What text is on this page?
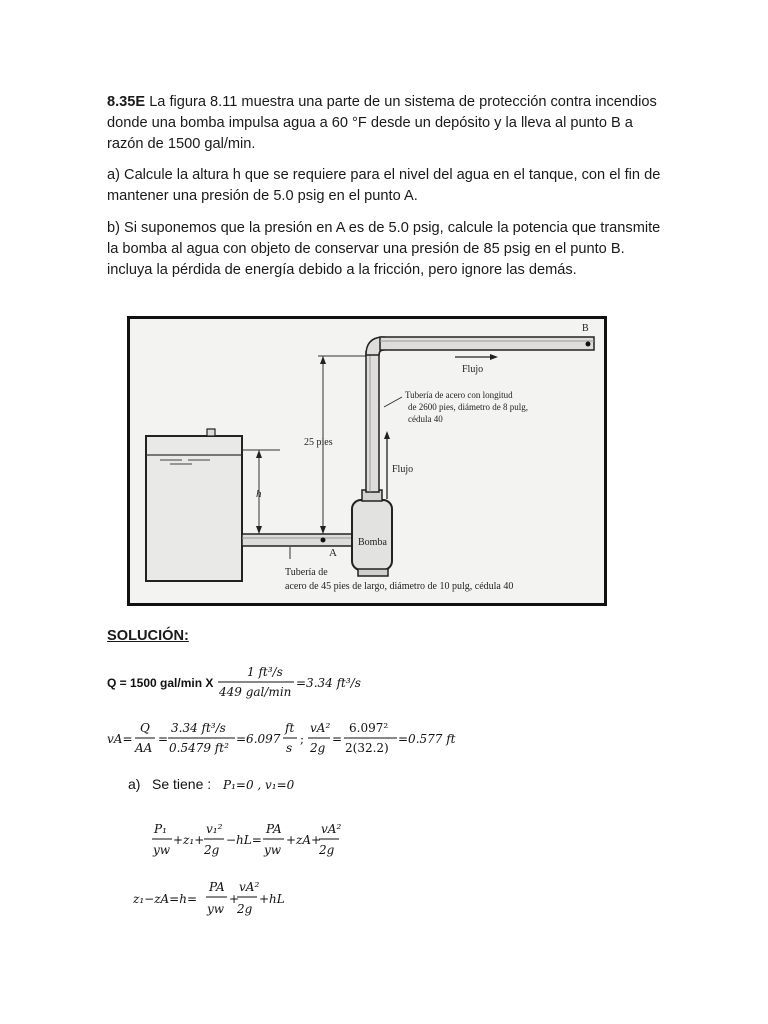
8.35E La figura 8.11 muestra una parte de un sistema de protección contra incendios donde una bomba impulsa agua a 60 °F desde un depósito y la lleva al punto B a razón de 1500 gal/min.
a) Calcule la altura h que se requiere para el nivel del agua en el tanque, con el fin de mantener una presión de 5.0 psig en el punto A.
b) Si suponemos que la presión en A es de 5.0 psig, calcule la potencia que transmite la bomba al agua con objeto de conservar una presión de 85 psig en el punto B. incluya la pérdida de energía debido a la fricción, pero ignore las demás.
h
A
Bomba
25 pies
B
Flujo
Tubería de acero con longitud
de 2600 pies, diámetro de 8 pulg,
cédula 40
Flujo
Tubería de
acero de 45 pies de largo, diámetro de 10 pulg, cédula 40
SOLUCIÓN:
Q = 1500 gal/min X
1 ft³/s
449 gal/min
=3.34 ft³/s
vA=
Q
AA
=
3.34 ft³/s
0.5479 ft²
=6.097
ft
s
;
vA²
2g
=
6.097²
2(32.2)
=0.577 ft
a) Se tiene : P₁=0 , v₁=0
P₁
yw
+z₁+
v₁²
2g
−hL=
PA
yw
+zA+
vA²
2g
z₁−zA=h=
PA
yw
+
vA²
2g
+hL
